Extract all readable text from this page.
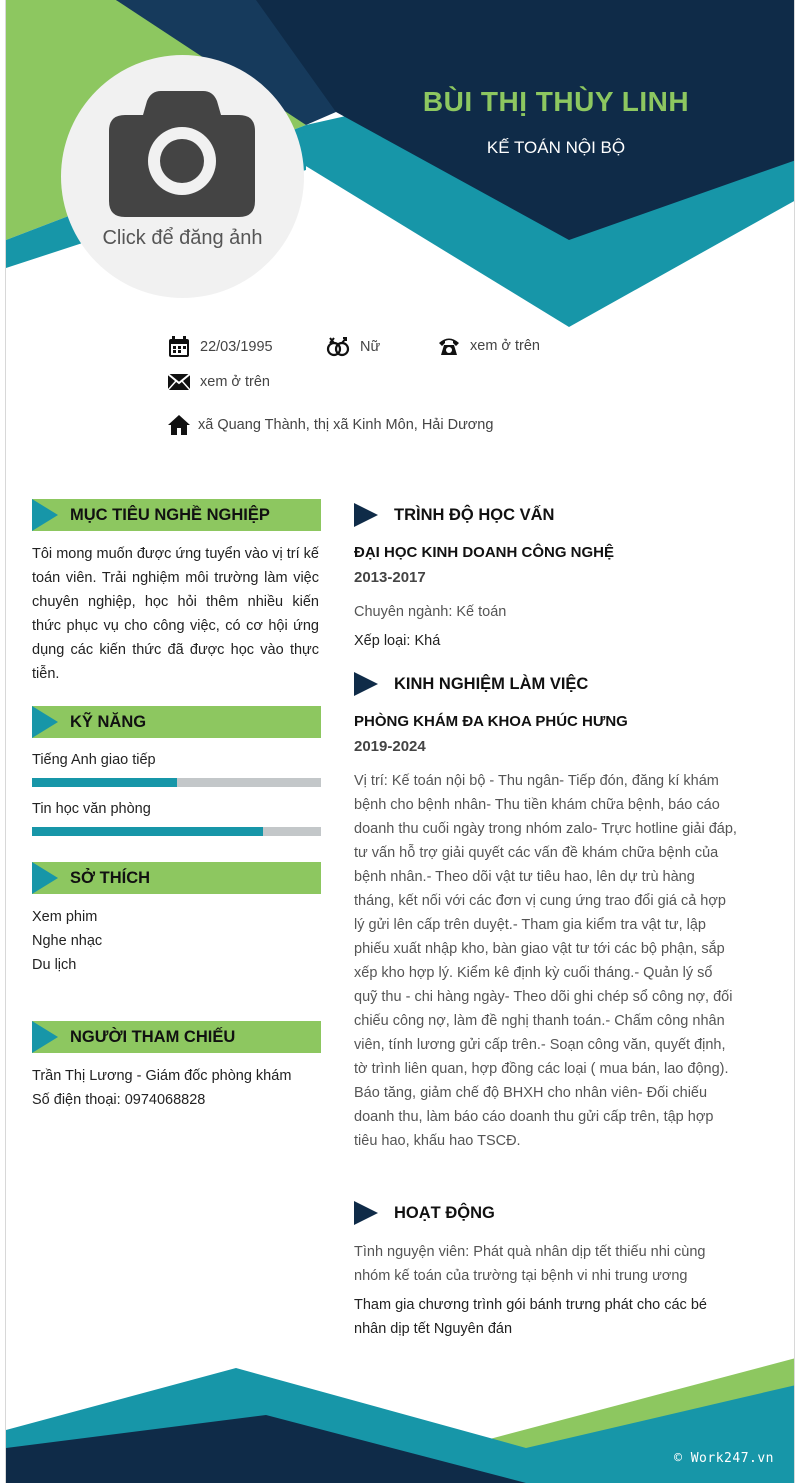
Click để đăng ảnh
BÙI THỊ THÙY LINH
KẾ TOÁN NỘI BỘ
22/03/1995	Nữ	xem ở trên
xem ở trên
xã Quang Thành, thị xã Kinh Môn, Hải Dương
MỤC TIÊU NGHỀ NGHIỆP
Tôi mong muốn được ứng tuyển vào vị trí kế toán viên. Trải nghiệm môi trường làm việc chuyên nghiệp, học hỏi thêm nhiều kiến thức phục vụ cho công việc, có cơ hội ứng dụng các kiến thức đã được học vào thực tiễn.
KỸ NĂNG
Tiếng Anh giao tiếp
Tin học văn phòng
SỞ THÍCH
Xem phim
Nghe nhạc
Du lịch
NGƯỜI THAM CHIẾU
Trần Thị Lương - Giám đốc phòng khám
Số điện thoại: 0974068828
TRÌNH ĐỘ HỌC VẤN
ĐẠI HỌC KINH DOANH CÔNG NGHỆ
2013-2017
Chuyên ngành: Kế toán
Xếp loại: Khá
KINH NGHIỆM LÀM VIỆC
PHÒNG KHÁM ĐA KHOA PHÚC HƯNG
2019-2024
Vị trí: Kế toán nội bộ - Thu ngân- Tiếp đón, đăng kí khám bệnh cho bệnh nhân- Thu tiền khám chữa bệnh, báo cáo doanh thu cuối ngày trong nhóm zalo- Trực hotline giải đáp, tư vấn hỗ trợ giải quyết các vấn đề khám chữa bệnh của bệnh nhân.- Theo dõi vật tư tiêu hao, lên dự trù hàng tháng, kết nối với các đơn vị cung ứng trao đổi giá cả hợp lý gửi lên cấp trên duyệt.- Tham gia kiểm tra vật tư, lập phiếu xuất nhập kho, bàn giao vật tư tới các bộ phận, sắp xếp kho hợp lý. Kiểm kê định kỳ cuối tháng.- Quản lý sổ quỹ thu - chi hàng ngày- Theo dõi ghi chép sổ công nợ, đối chiếu công nợ, làm đề nghị thanh toán.- Chấm công nhân viên, tính lương gửi cấp trên.- Soạn công văn, quyết định, tờ trình liên quan, hợp đồng các loại ( mua bán, lao động). Báo tăng, giảm chế độ BHXH cho nhân viên- Đối chiếu doanh thu, làm báo cáo doanh thu gửi cấp trên, tập hợp tiêu hao, khấu hao TSCĐ.
HOẠT ĐỘNG
Tình nguyện viên: Phát quà nhân dịp tết thiếu nhi cùng nhóm kế toán của trường tại bệnh vi nhi trung ương
Tham gia chương trình gói bánh trưng phát cho các bé nhân dịp tết Nguyên đán
© Work247.vn
